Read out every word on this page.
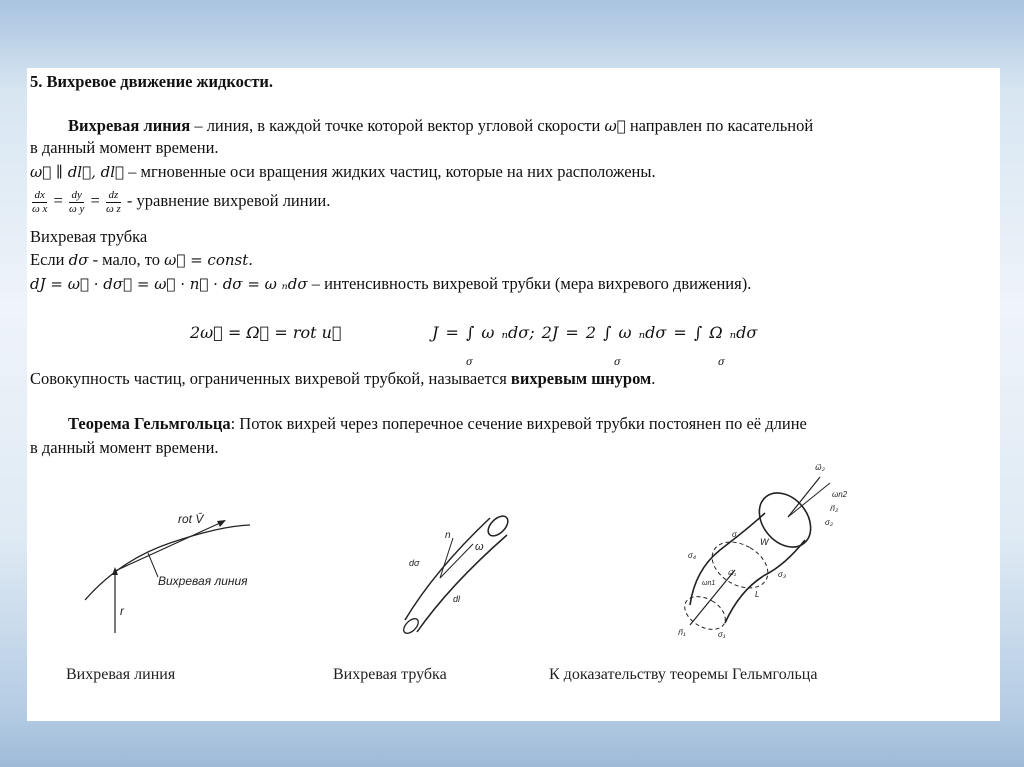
5. Вихревое движение жидкости.
Вихревая линия – линия, в каждой точке которой вектор угловой скорости ω⃗ направлен по касательной
в данный момент времени.
ω⃗ ∥ dl⃗, dl⃗ – мгновенные оси вращения жидких частиц, которые на них расположены.
$\frac{dx}{\text{ω x}} = \frac{dy}{\text{ω y}} = \frac{dz}{\text{ω z}}$ - уравнение вихревой линии.
Вихревая трубка
Если dσ - мало, то ω⃗ = const.
dJ = ω⃗ · dσ⃗ = ω⃗ · n⃗ · dσ = ω ₙdσ – интенсивность вихревой трубки (мера вихревого движения).
2ω⃗ = Ω⃗ = rot u⃗	J = ∫ ω ₙdσ; 2J = 2 ∫ ω ₙdσ = ∫ Ω ₙdσ
σ	σ	σ
Совокупность частиц, ограниченных вихревой трубкой, называется вихревым шнуром.
Теорема Гельмгольца: Поток вихрей через поперечное сечение вихревой трубки постоянен по её длине
в данный момент времени.
rot V̄
Вихревая линия
r
n
ω
dσ
dl
ω⃗₂
ωn2
n⃗₂
σ₂
σ
W
σ₄
σ₃
L
ω⃗₁
ωn1
n⃗₁	σ₁
Вихревая линия	Вихревая трубка	К доказательству теоремы Гельмгольца
